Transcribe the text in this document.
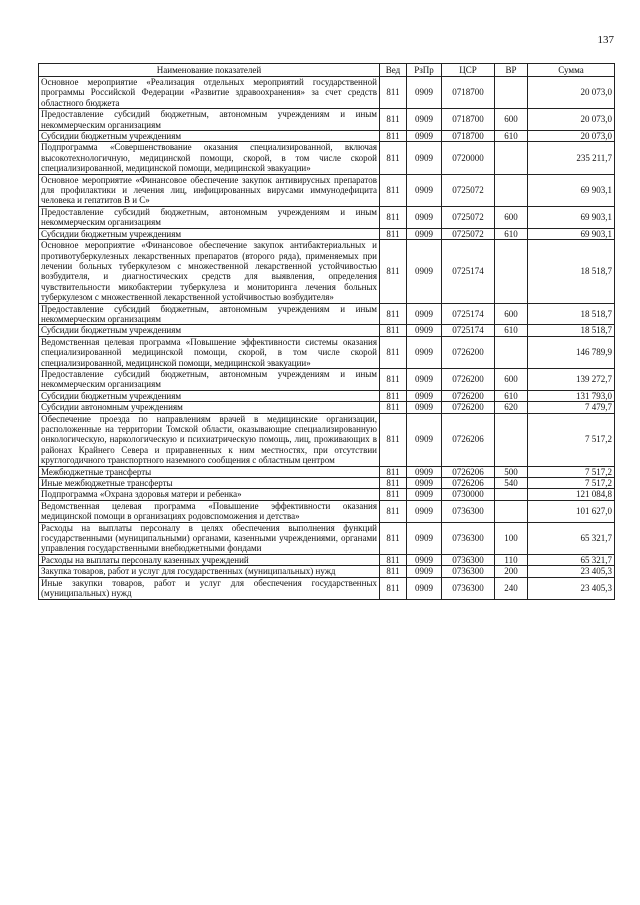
137
Наименование показателей	Вед	РзПр	ЦСР	ВР	Сумма
Основное мероприятие «Реализация отдельных мероприятий государственной программы Российской Федерации «Развитие здравоохранения» за счет средств областного бюджета	811	0909	0718700		20 073,0
Предоставление субсидий бюджетным, автономным учреждениям и иным некоммерческим организациям	811	0909	0718700	600	20 073,0
Субсидии бюджетным учреждениям	811	0909	0718700	610	20 073,0
Подпрограмма «Совершенствование оказания специализированной, включая высокотехнологичную, медицинской помощи, скорой, в том числе скорой специализированной, медицинской помощи, медицинской эвакуации»	811	0909	0720000		235 211,7
Основное мероприятие «Финансовое обеспечение закупок антивирусных препаратов для профилактики и лечения лиц, инфицированных вирусами иммунодефицита человека и гепатитов В и С»	811	0909	0725072		69 903,1
Предоставление субсидий бюджетным, автономным учреждениям и иным некоммерческим организациям	811	0909	0725072	600	69 903,1
Субсидии бюджетным учреждениям	811	0909	0725072	610	69 903,1
Основное мероприятие «Финансовое обеспечение закупок антибактериальных и противотуберкулезных лекарственных препаратов (второго ряда), применяемых при лечении больных туберкулезом с множественной лекарственной устойчивостью возбудителя, и диагностических средств для выявления, определения чувствительности микобактерии туберкулеза и мониторинга лечения больных туберкулезом с множественной лекарственной устойчивостью возбудителя»	811	0909	0725174		18 518,7
Предоставление субсидий бюджетным, автономным учреждениям и иным некоммерческим организациям	811	0909	0725174	600	18 518,7
Субсидии бюджетным учреждениям	811	0909	0725174	610	18 518,7
Ведомственная целевая программа «Повышение эффективности системы оказания специализированной медицинской помощи, скорой, в том числе скорой специализированной, медицинской помощи, медицинской эвакуации»	811	0909	0726200		146 789,9
Предоставление субсидий бюджетным, автономным учреждениям и иным некоммерческим организациям	811	0909	0726200	600	139 272,7
Субсидии бюджетным учреждениям	811	0909	0726200	610	131 793,0
Субсидии автономным учреждениям	811	0909	0726200	620	7 479,7
Обеспечение проезда по направлениям врачей в медицинские организации, расположенные на территории Томской области, оказывающие специализированную онкологическую, наркологическую и психиатрическую помощь, лиц, проживающих в районах Крайнего Севера и приравненных к ним местностях, при отсутствии круглогодичного транспортного наземного сообщения с областным центром	811	0909	0726206		7 517,2
Межбюджетные трансферты	811	0909	0726206	500	7 517,2
Иные межбюджетные трансферты	811	0909	0726206	540	7 517,2
Подпрограмма «Охрана здоровья матери и ребенка»	811	0909	0730000		121 084,8
Ведомственная целевая программа «Повышение эффективности оказания медицинской помощи в организациях родовспоможения и детства»	811	0909	0736300		101 627,0
Расходы на выплаты персоналу в целях обеспечения выполнения функций государственными (муниципальными) органами, казенными учреждениями, органами управления государственными внебюджетными фондами	811	0909	0736300	100	65 321,7
Расходы на выплаты персоналу казенных учреждений	811	0909	0736300	110	65 321,7
Закупка товаров, работ и услуг для государственных (муниципальных) нужд	811	0909	0736300	200	23 405,3
Иные закупки товаров, работ и услуг для обеспечения государственных (муниципальных) нужд	811	0909	0736300	240	23 405,3
